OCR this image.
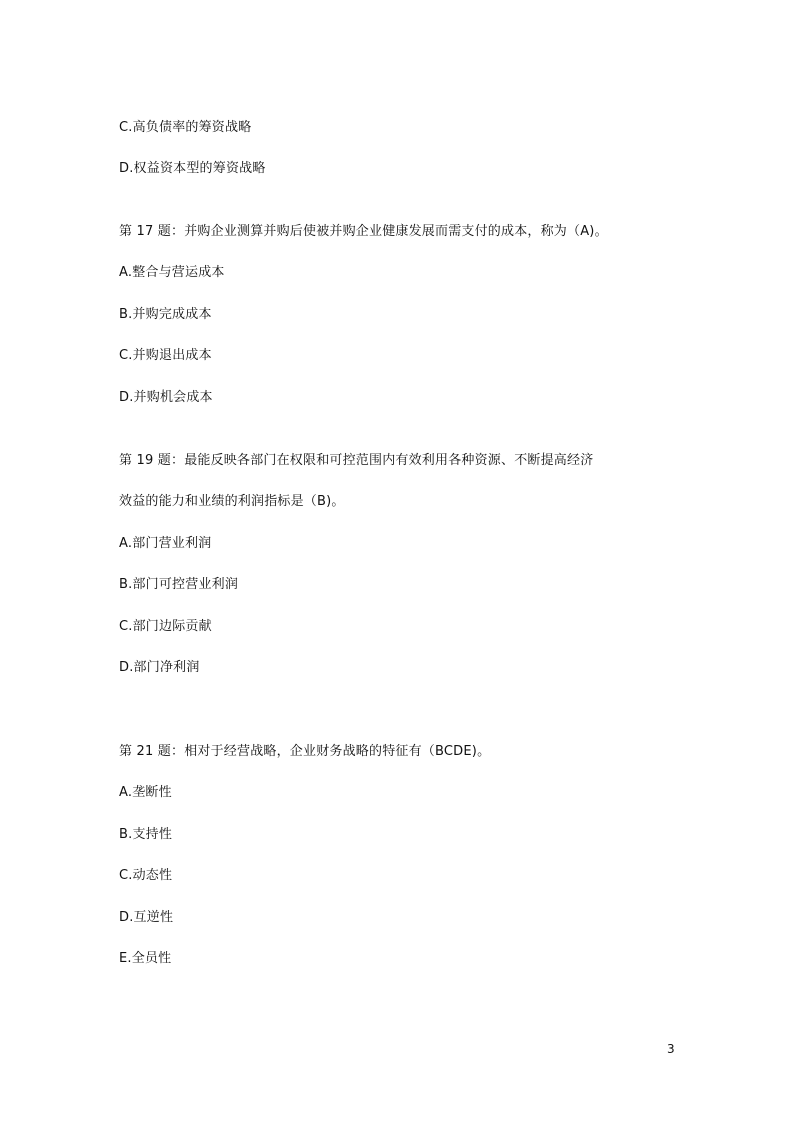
C.高负债率的筹资战略
D.权益资本型的筹资战略
第 17 题：并购企业测算并购后使被并购企业健康发展而需支付的成本，称为（A)。
A.整合与营运成本
B.并购完成成本
C.并购退出成本
D.并购机会成本
第 19 题：最能反映各部门在权限和可控范围内有效利用各种资源、不断提高经济
效益的能力和业绩的利润指标是（B)。
A.部门营业利润
B.部门可控营业利润
C.部门边际贡献
D.部门净利润
第 21 题：相对于经营战略，企业财务战略的特征有（BCDE)。
A.垄断性
B.支持性
C.动态性
D.互逆性
E.全员性
3
